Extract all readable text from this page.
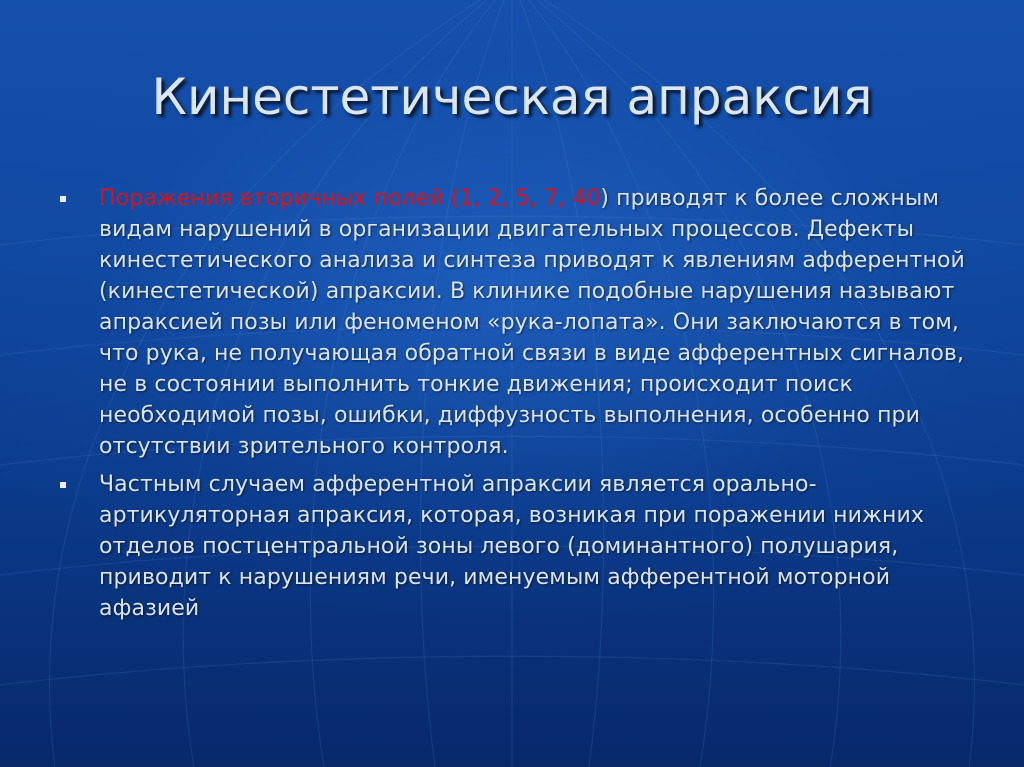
Кинестетическая апраксия
Поражения вторичных полей (1, 2, 5, 7, 40) приводят к более сложным видам нарушений в организации двигательных процессов. Дефекты кинестетического анализа и синтеза приводят к явлениям афферентной (кинестетической) апраксии. В клинике подобные нарушения называют апраксией позы или феноменом «рука-лопата». Они заключаются в том, что рука, не получающая обратной связи в виде афферентных сигналов, не в состоянии выполнить тонкие движения; происходит поиск необходимой позы, ошибки, диффузность выполнения, особенно при отсутствии зрительного контроля.
Частным случаем афферентной апраксии является орально-артикуляторная апраксия, которая, возникая при поражении нижних отделов постцентральной зоны левого (доминантного) полушария, приводит к нарушениям речи, именуемым афферентной моторной афазией
